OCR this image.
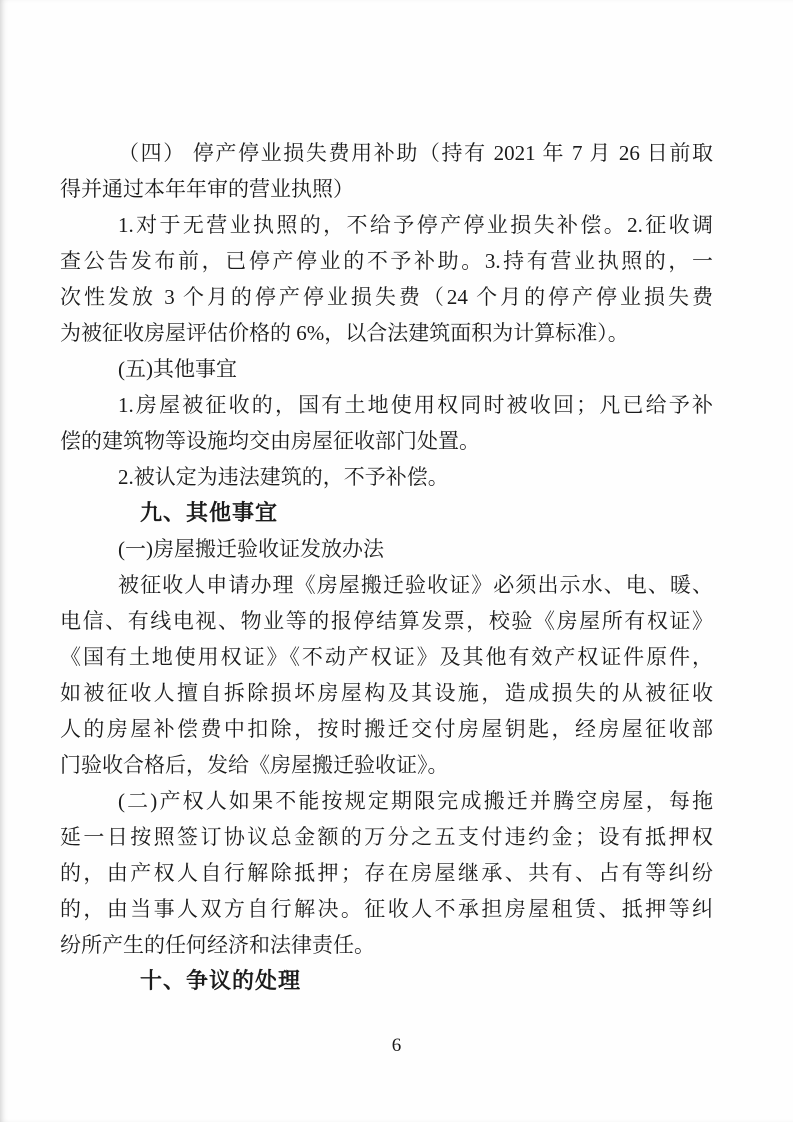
（四） 停产停业损失费用补助（持有 2021 年 7 月 26 日前取
得并通过本年年审的营业执照）
1.对于无营业执照的，不给予停产停业损失补偿。2.征收调
查公告发布前，已停产停业的不予补助。3.持有营业执照的，一
次性发放 3 个月的停产停业损失费（24 个月的停产停业损失费
为被征收房屋评估价格的 6%，以合法建筑面积为计算标准）。
(五)其他事宜
1.房屋被征收的，国有土地使用权同时被收回；凡已给予补
偿的建筑物等设施均交由房屋征收部门处置。
2.被认定为违法建筑的，不予补偿。
九、其他事宜
(一)房屋搬迁验收证发放办法
被征收人申请办理《房屋搬迁验收证》必须出示水、电、暖、
电信、有线电视、物业等的报停结算发票，校验《房屋所有权证》
《国有土地使用权证》《不动产权证》及其他有效产权证件原件，
如被征收人擅自拆除损坏房屋构及其设施，造成损失的从被征收
人的房屋补偿费中扣除，按时搬迁交付房屋钥匙，经房屋征收部
门验收合格后，发给《房屋搬迁验收证》。
(二)产权人如果不能按规定期限完成搬迁并腾空房屋，每拖
延一日按照签订协议总金额的万分之五支付违约金；设有抵押权
的，由产权人自行解除抵押；存在房屋继承、共有、占有等纠纷
的，由当事人双方自行解决。征收人不承担房屋租赁、抵押等纠
纷所产生的任何经济和法律责任。
十、争议的处理
6
